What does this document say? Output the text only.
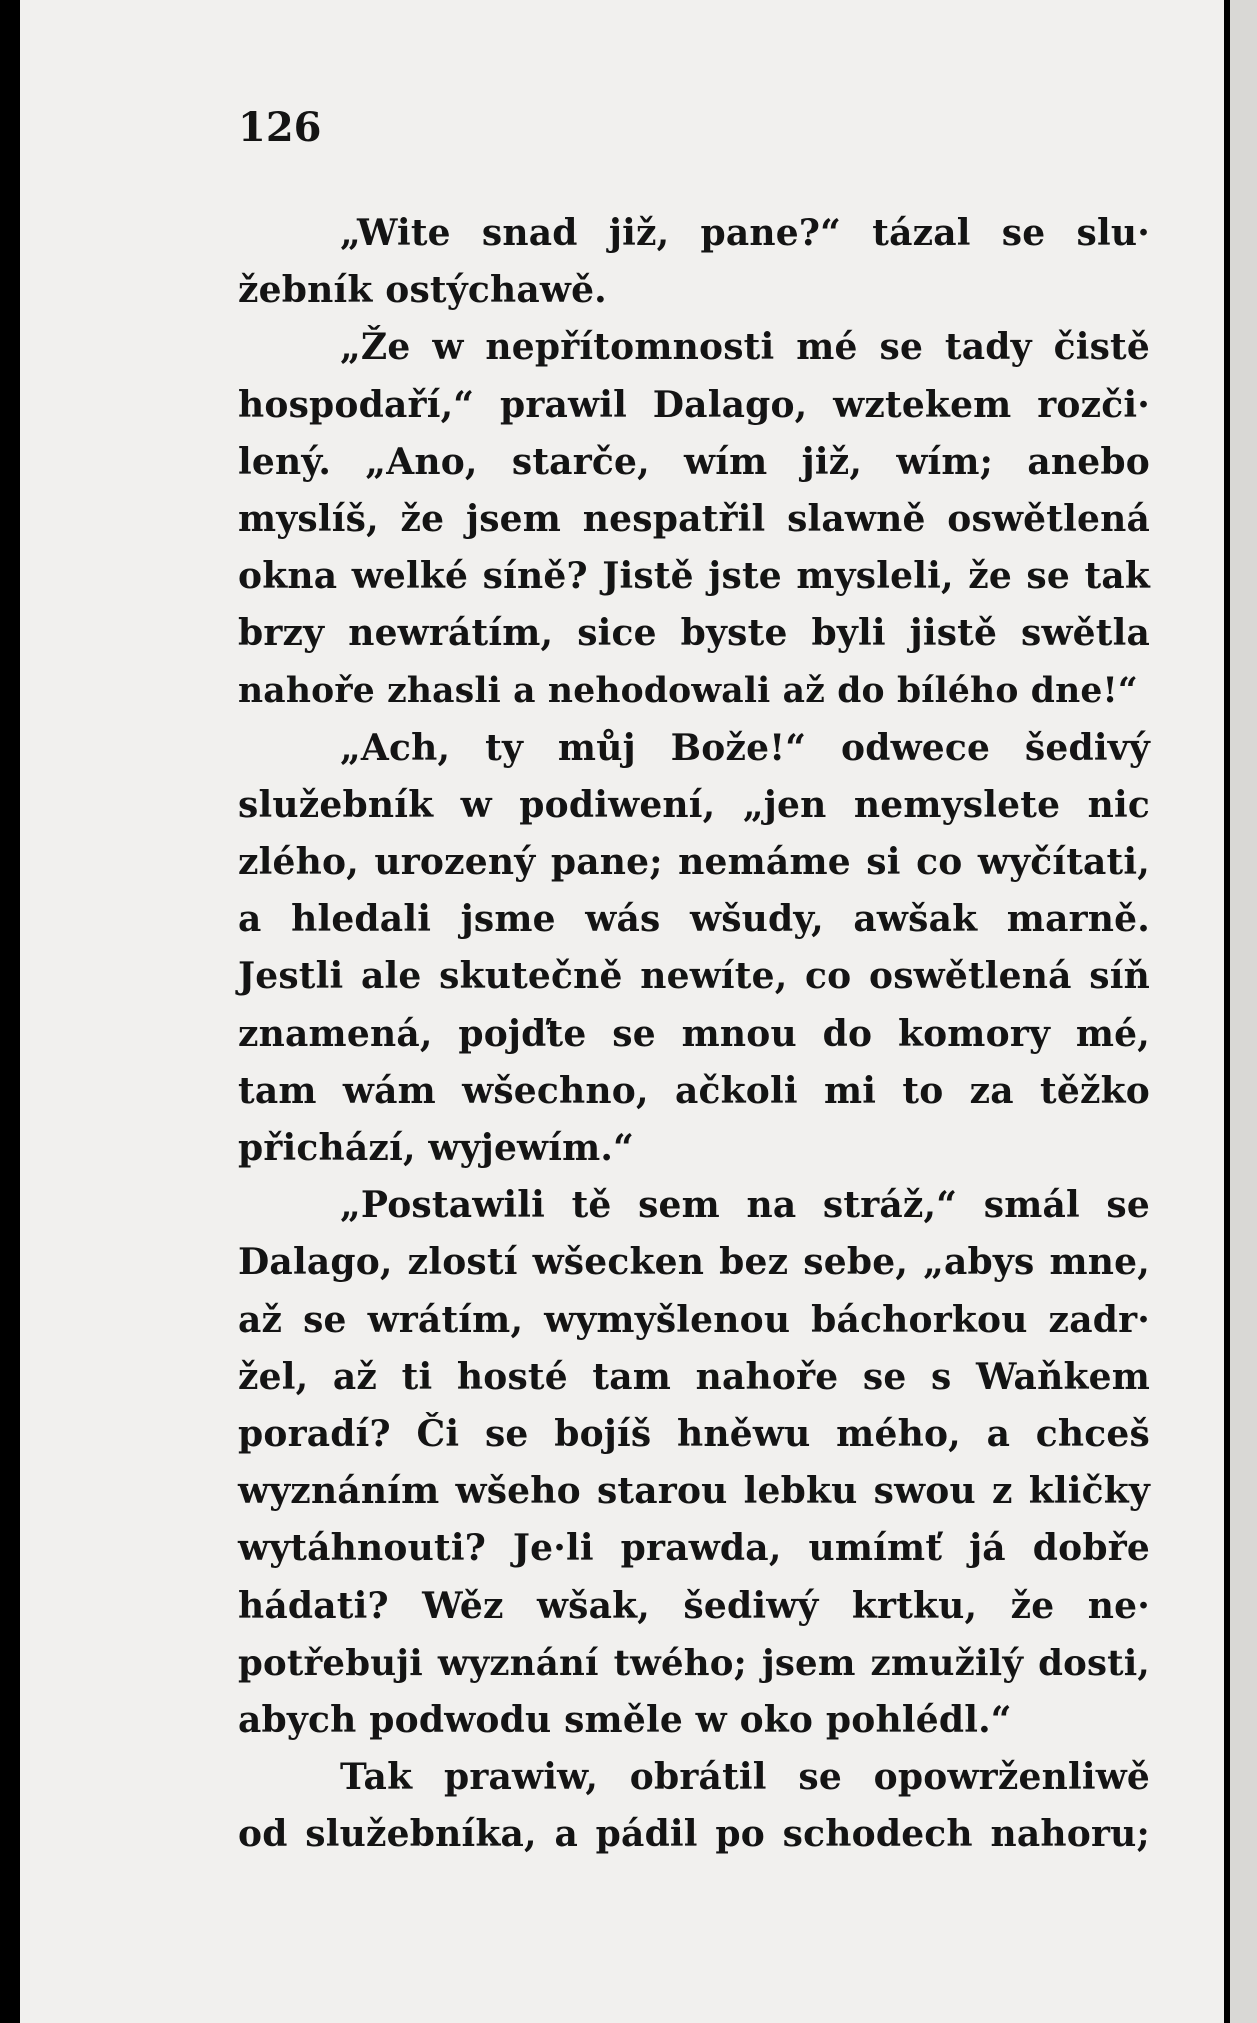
126
„Wite snad již, pane?“ tázal se slu·
žebník ostýchawě.
„Že w nepřítomnosti mé se tady čistě
hospodaří,“ prawil Dalago, wztekem rozči·
lený. „Ano, starče, wím již, wím; anebo
myslíš, že jsem nespatřil slawně oswětlená
okna welké síně? Jistě jste mysleli, že se tak
brzy newrátím, sice byste byli jistě swětla
nahoře zhasli a nehodowali až do bílého dne!“
„Ach, ty můj Bože!“ odwece šedivý
služebník w podiwení, „jen nemyslete nic
zlého, urozený pane; nemáme si co wyčítati,
a hledali jsme wás wšudy, awšak marně.
Jestli ale skutečně newíte, co oswětlená síň
znamená, pojďte se mnou do komory mé,
tam wám wšechno, ačkoli mi to za těžko
přichází, wyjewím.“
„Postawili tě sem na stráž,“ smál se
Dalago, zlostí wšecken bez sebe, „abys mne,
až se wrátím, wymyšlenou báchorkou zadr·
žel, až ti hosté tam nahoře se s Waňkem
poradí? Či se bojíš hněwu mého, a chceš
wyznáním wšeho starou lebku swou z kličky
wytáhnouti? Je·li prawda, umímť já dobře
hádati? Wěz wšak, šediwý krtku, že ne·
potřebuji wyznání twého; jsem zmužilý dosti,
abych podwodu směle w oko pohlédl.“
Tak prawiw, obrátil se opowrženliwě
od služebníka, a pádil po schodech nahoru;
